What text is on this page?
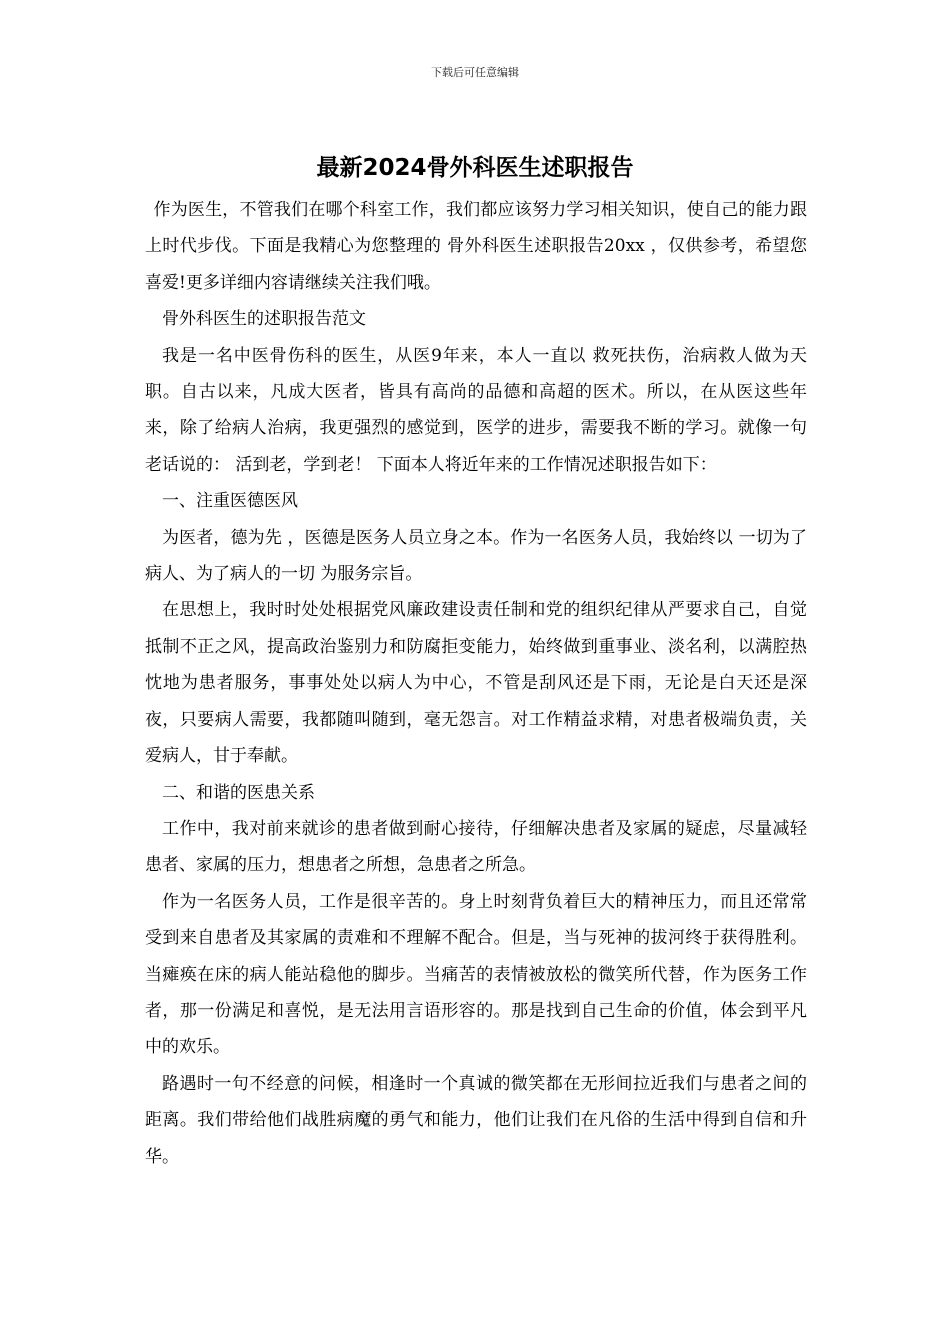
下载后可任意编辑
最新2024骨外科医生述职报告

作为医生，不管我们在哪个科室工作，我们都应该努力学习相关知识，使自己的能力跟上时代步伐。下面是我精心为您整理的 骨外科医生述职报告20xx ，仅供参考，希望您喜爱!更多详细内容请继续关注我们哦。

骨外科医生的述职报告范文

我是一名中医骨伤科的医生，从医9年来，本人一直以 救死扶伤，治病救人做为天职。自古以来，凡成大医者，皆具有高尚的品德和高超的医术。所以，在从医这些年来，除了给病人治病，我更强烈的感觉到，医学的进步，需要我不断的学习。就像一句老话说的： 活到老，学到老！ 下面本人将近年来的工作情况述职报告如下：

一、注重医德医风

为医者，德为先 ，医德是医务人员立身之本。作为一名医务人员，我始终以 一切为了病人、为了病人的一切 为服务宗旨。

在思想上，我时时处处根据党风廉政建设责任制和党的组织纪律从严要求自己，自觉抵制不正之风，提高政治鉴别力和防腐拒变能力，始终做到重事业、淡名利，以满腔热忱地为患者服务，事事处处以病人为中心，不管是刮风还是下雨，无论是白天还是深夜，只要病人需要，我都随叫随到，毫无怨言。对工作精益求精，对患者极端负责，关爱病人，甘于奉献。

二、和谐的医患关系

工作中，我对前来就诊的患者做到耐心接待，仔细解决患者及家属的疑虑，尽量减轻患者、家属的压力，想患者之所想，急患者之所急。

作为一名医务人员，工作是很辛苦的。身上时刻背负着巨大的精神压力，而且还常常受到来自患者及其家属的责难和不理解不配合。但是，当与死神的拔河终于获得胜利。当瘫痪在床的病人能站稳他的脚步。当痛苦的表情被放松的微笑所代替，作为医务工作者，那一份满足和喜悦，是无法用言语形容的。那是找到自己生命的价值，体会到平凡中的欢乐。

路遇时一句不经意的问候，相逢时一个真诚的微笑都在无形间拉近我们与患者之间的距离。我们带给他们战胜病魔的勇气和能力，他们让我们在凡俗的生活中得到自信和升华。
